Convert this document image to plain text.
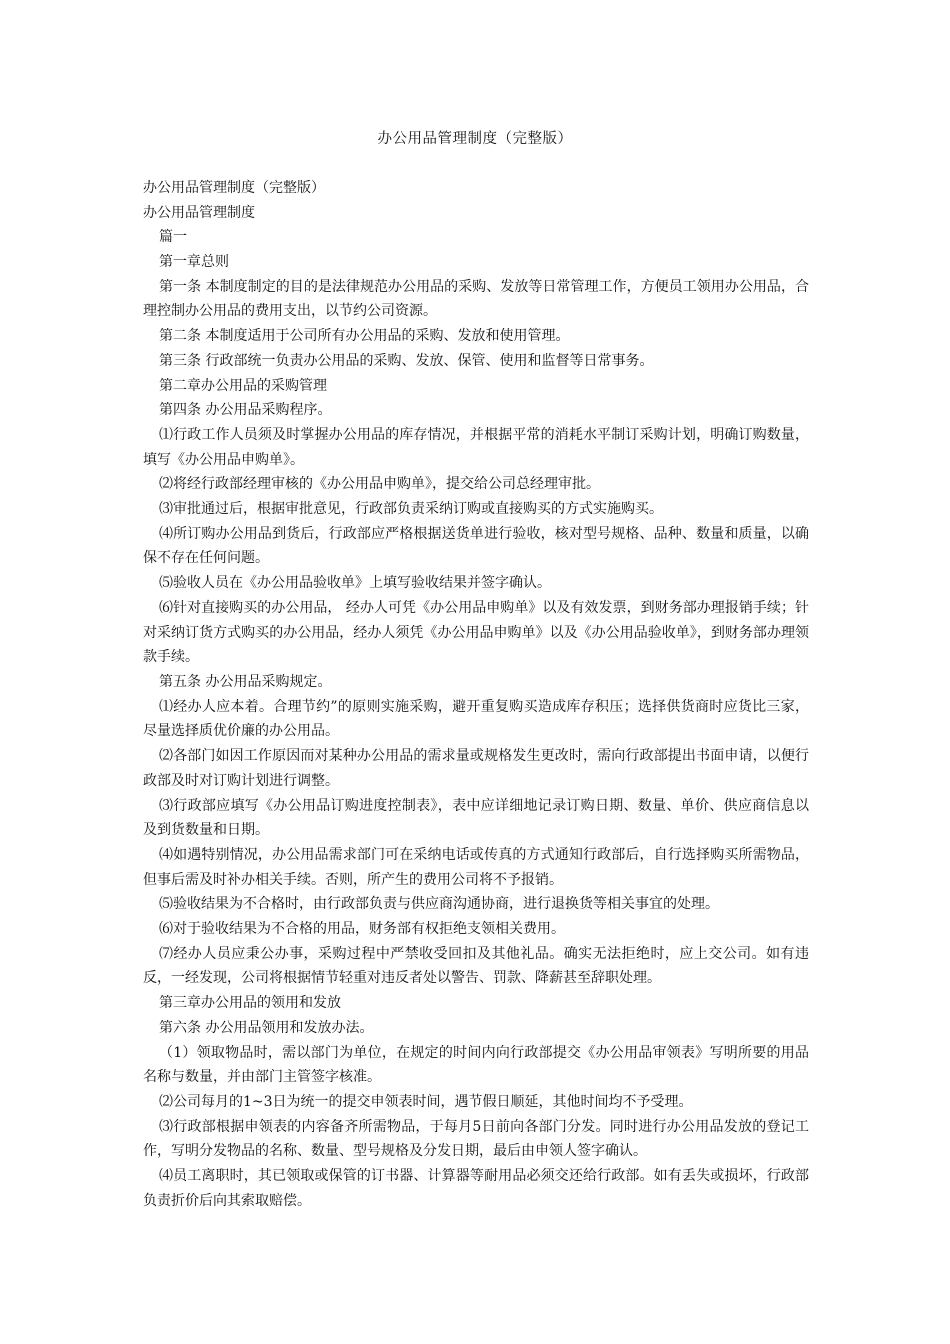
办公用品管理制度（完整版）
办公用品管理制度（完整版）
办公用品管理制度
篇一
第一章总则

第一条 本制度制定的目的是法律规范办公用品的采购、发放等日常管理工作，方便员工领用办公用品，合理控制办公用品的费用支出，以节约公司资源。

第二条 本制度适用于公司所有办公用品的采购、发放和使用管理。

第三条 行政部统一负责办公用品的采购、发放、保管、使用和监督等日常事务。

第二章办公用品的采购管理

第四条 办公用品采购程序。

⑴行政工作人员须及时掌握办公用品的库存情况，并根据平常的消耗水平制订采购计划，明确订购数量，填写《办公用品申购单》。

⑵将经行政部经理审核的《办公用品申购单》，提交给公司总经理审批。

⑶审批通过后，根据审批意见，行政部负责采纳订购或直接购买的方式实施购买。

⑷所订购办公用品到货后，行政部应严格根据送货单进行验收，核对型号规格、品种、数量和质量，以确保不存在任何问题。

⑸验收人员在《办公用品验收单》上填写验收结果并签字确认。

⑹针对直接购买的办公用品， 经办人可凭《办公用品申购单》以及有效发票，到财务部办理报销手续；针对采纳订货方式购买的办公用品，经办人须凭《办公用品申购单》以及《办公用品验收单》，到财务部办理领款手续。

第五条 办公用品采购规定。

⑴经办人应本着。合理节约”的原则实施采购，避开重复购买造成库存积压；选择供货商时应货比三家，尽量选择质优价廉的办公用品。

⑵各部门如因工作原因而对某种办公用品的需求量或规格发生更改时，需向行政部提出书面申请，以便行政部及时对订购计划进行调整。

⑶行政部应填写《办公用品订购进度控制表》，表中应详细地记录订购日期、数量、单价、供应商信息以及到货数量和日期。

⑷如遇特别情况，办公用品需求部门可在采纳电话或传真的方式通知行政部后，自行选择购买所需物品，但事后需及时补办相关手续。否则，所产生的费用公司将不予报销。

⑸验收结果为不合格时，由行政部负责与供应商沟通协商，进行退换货等相关事宜的处理。

⑹对于验收结果为不合格的用品，财务部有权拒绝支领相关费用。

⑺经办人员应秉公办事，采购过程中严禁收受回扣及其他礼品。确实无法拒绝时，应上交公司。如有违反，一经发现，公司将根据情节轻重对违反者处以警告、罚款、降薪甚至辞职处理。

第三章办公用品的领用和发放

第六条 办公用品领用和发放办法。

（1）领取物品时，需以部门为单位，在规定的时间内向行政部提交《办公用品审领表》写明所要的用品名称与数量，并由部门主管签字核准。

⑵公司每月的1~3日为统一的提交申领表时间，遇节假日顺延，其他时间均不予受理。

⑶行政部根据申领表的内容备齐所需物品，于每月5日前向各部门分发。同时进行办公用品发放的登记工作，写明分发物品的名称、数量、型号规格及分发日期，最后由申领人签字确认。

⑷员工离职时，其已领取或保管的订书器、计算器等耐用品必须交还给行政部。如有丢失或损坏，行政部负责折价后向其索取赔偿。
